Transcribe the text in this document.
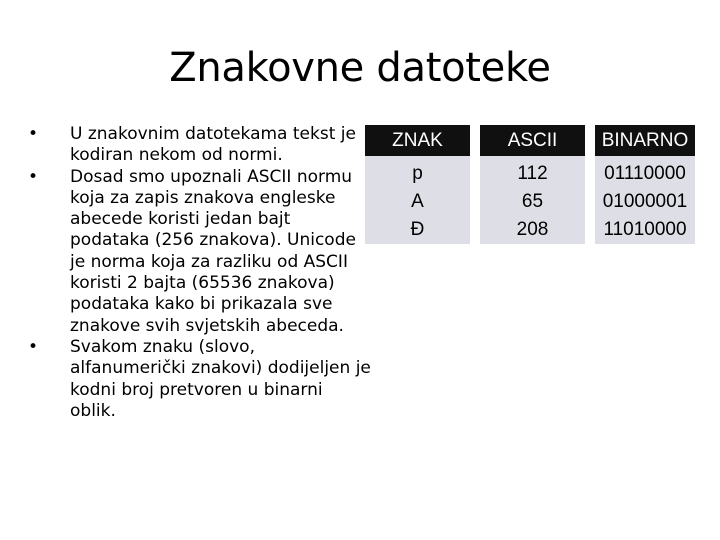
Znakovne datoteke
•	U znakovnim datotekama tekst je kodiran nekom od normi.
•	Dosad smo upoznali ASCII normu koja za zapis znakova engleske abecede koristi jedan bajt podataka (256 znakova). Unicode je norma koja za razliku od ASCII koristi 2 bajta (65536 znakova) podataka kako bi prikazala sve znakove svih svjetskih abeceda.
•	Svakom znaku (slovo, alfanumerički znakovi) dodijeljen je kodni broj pretvoren u binarni oblik.
ZNAK		ASCII		BINARNO
p		112		01110000
A		65		01000001
Đ		208		11010000
